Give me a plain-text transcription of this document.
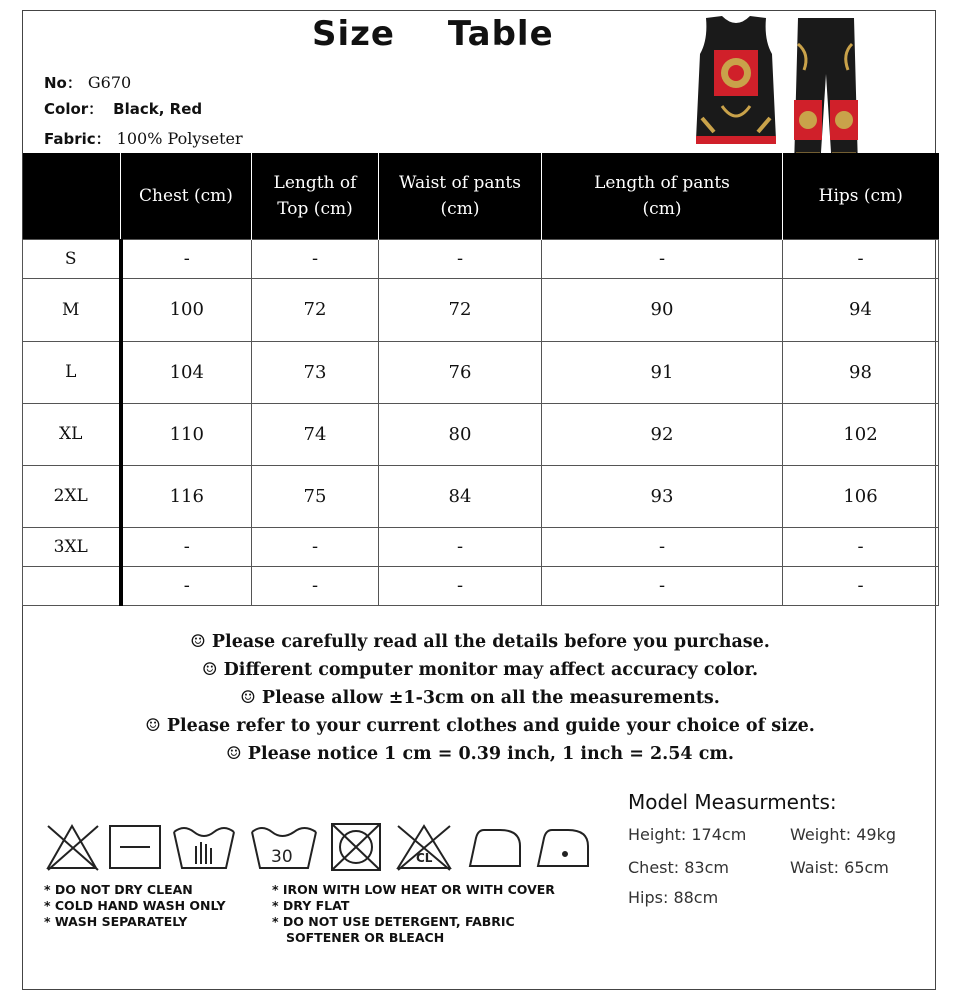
Size Table
No： G670
Color： Black, Red
Fabric： 100% Polyseter
	Chest (cm)	Length of Top (cm)	Waist of pants (cm)	Length of pants (cm)	Hips (cm)
S	-	-	-	-	-
M	100	72	72	90	94
L	104	73	76	91	98
XL	110	74	80	92	102
2XL	116	75	84	93	106
3XL	-	-	-	-	-
	-	-	-	-	-
☺ Please carefully read all the details before you purchase.
☺ Different computer monitor may affect accuracy color.
☺ Please allow ±1-3cm on all the measurements.
☺ Please refer to your current clothes and guide your choice of size.
☺ Please notice 1 cm = 0.39 inch, 1 inch = 2.54 cm.
30	CL
* DO NOT DRY CLEAN
* COLD HAND WASH ONLY
* WASH SEPARATELY
* IRON WITH LOW HEAT OR WITH COVER
* DRY FLAT
* DO NOT USE DETERGENT, FABRIC
SOFTENER OR BLEACH
Model Measurments:
Height: 174cm	Weight: 49kg
Chest: 83cm	Waist: 65cm
Hips: 88cm
